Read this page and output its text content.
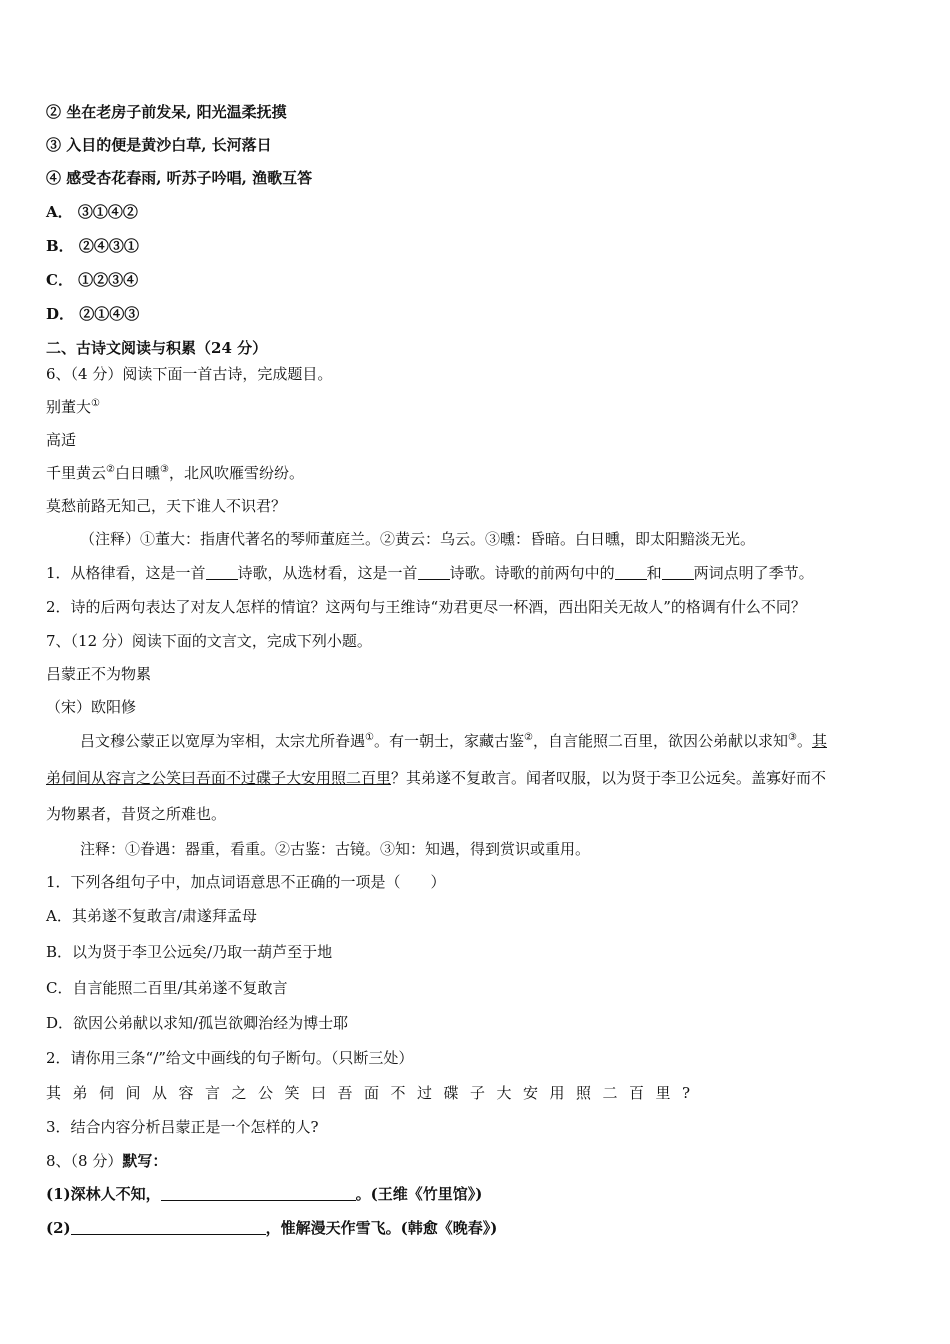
② 坐在老房子前发呆, 阳光温柔抚摸
③ 入目的便是黄沙白草, 长河落日
④ 感受杏花春雨, 听苏子吟唱, 渔歌互答
A． ③①④②
B． ②④③①
C． ①②③④
D． ②①④③
二、古诗文阅读与积累（24 分）
6、（4 分）阅读下面一首古诗，完成题目。
别董大①
高适
千里黄云②白日曛③，北风吹雁雪纷纷。
莫愁前路无知己，天下谁人不识君？
（注释）①董大：指唐代著名的琴师董庭兰。②黄云：乌云。③曛：昏暗。白日曛，即太阳黯淡无光。
1．从格律看，这是一首 诗歌，从选材看，这是一首 诗歌。诗歌的前两句中的 和 两词点明了季节。
2．诗的后两句表达了对友人怎样的情谊？这两句与王维诗“劝君更尽一杯酒，西出阳关无故人”的格调有什么不同？
7、（12 分）阅读下面的文言文，完成下列小题。
吕蒙正不为物累
（宋）欧阳修
吕文穆公蒙正以宽厚为宰相，太宗尤所眷遇①。有一朝士，家藏古鉴②，自言能照二百里，欲因公弟献以求知③。其
弟伺间从容言之公笑曰吾面不过碟子大安用照二百里？其弟遂不复敢言。闻者叹服，以为贤于李卫公远矣。盖寡好而不
为物累者，昔贤之所难也。
注释：①眷遇：器重，看重。②古鉴：古镜。③知：知遇，得到赏识或重用。
1．下列各组句子中，加点词语意思不正确的一项是（　　）
A．其弟遂不复敢言/肃遂拜孟母
B．以为贤于李卫公远矣/乃取一葫芦至于地
C．自言能照二百里/其弟遂不复敢言
D．欲因公弟献以求知/孤岂欲卿治经为博士耶
2．请你用三条“/”给文中画线的句子断句。（只断三处）
其弟伺间从容言之公笑曰吾面不过碟子大安用照二百里?
3．结合内容分析吕蒙正是一个怎样的人?
8、（8 分）默写：
(1)深林人不知，	。(王维《竹里馆》)
(2)	，惟解漫天作雪飞。(韩愈《晚春》)
